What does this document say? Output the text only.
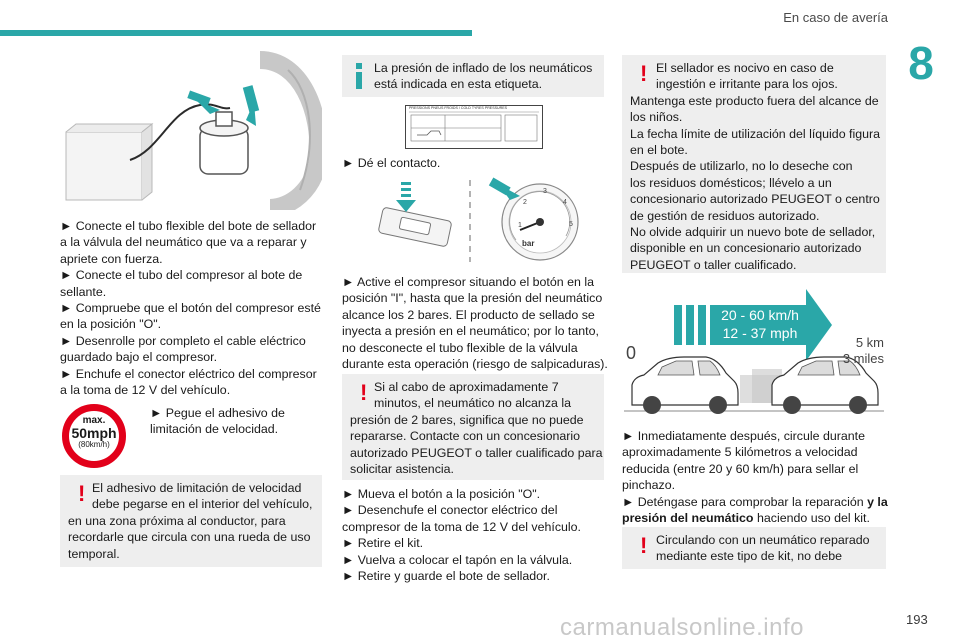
En caso de avería
8
► Conecte el tubo flexible del bote de sellador
a la válvula del neumático que va a reparar y
apriete con fuerza.
► Conecte el tubo del compresor al bote de
sellante.
► Compruebe que el botón del compresor esté
en la posición "O".
► Desenrolle por completo el cable eléctrico
guardado bajo el compresor.
► Enchufe el conector eléctrico del compresor
a la toma de 12 V del vehículo.
max.
50mph
(80km/h)
► Pegue el adhesivo de
limitación de velocidad.
! El adhesivo de limitación de velocidad
debe pegarse en el interior del vehículo,
en una zona próxima al conductor, para
recordarle que circula con una rueda de uso
temporal.
La presión de inflado de los neumáticos
está indicada en esta etiqueta.
PRESSIONS PNEUS FROIDS / COLD TYRES PRESSURES
► Dé el contacto.
bar
1
2
3
4
5
► Active el compresor situando el botón en la
posición "I", hasta que la presión del neumático
alcance los 2 bares. El producto de sellado se
inyecta a presión en el neumático; por lo tanto,
no desconecte el tubo flexible de la válvula
durante esta operación (riesgo de salpicaduras).
! Si al cabo de aproximadamente 7
minutos, el neumático no alcanza la
presión de 2 bares, significa que no puede
repararse. Contacte con un concesionario
autorizado PEUGEOT o taller cualificado para
solicitar asistencia.
► Mueva el botón a la posición "O".
► Desenchufe el conector eléctrico del
compresor de la toma de 12 V del vehículo.
► Retire el kit.
► Vuelva a colocar el tapón en la válvula.
► Retire y guarde el bote de sellador.
! El sellador es nocivo en caso de
ingestión e irritante para los ojos.
Mantenga este producto fuera del alcance de
los niños.
La fecha límite de utilización del líquido figura
en el bote.
Después de utilizarlo, no lo deseche con
los residuos domésticos; llévelo a un
concesionario autorizado PEUGEOT o centro
de gestión de residuos autorizado.
No olvide adquirir un nuevo bote de sellador,
disponible en un concesionario autorizado
PEUGEOT o taller cualificado.
20 - 60 km/h
12 - 37 mph
5 km
3 miles
0
► Inmediatamente después, circule durante
aproximadamente 5 kilómetros a velocidad
reducida (entre 20 y 60 km/h) para sellar el
pinchazo.
► Deténgase para comprobar la reparación y la
presión del neumático haciendo uso del kit.
! Circulando con un neumático reparado
mediante este tipo de kit, no debe
carmanualsonline.info	193
